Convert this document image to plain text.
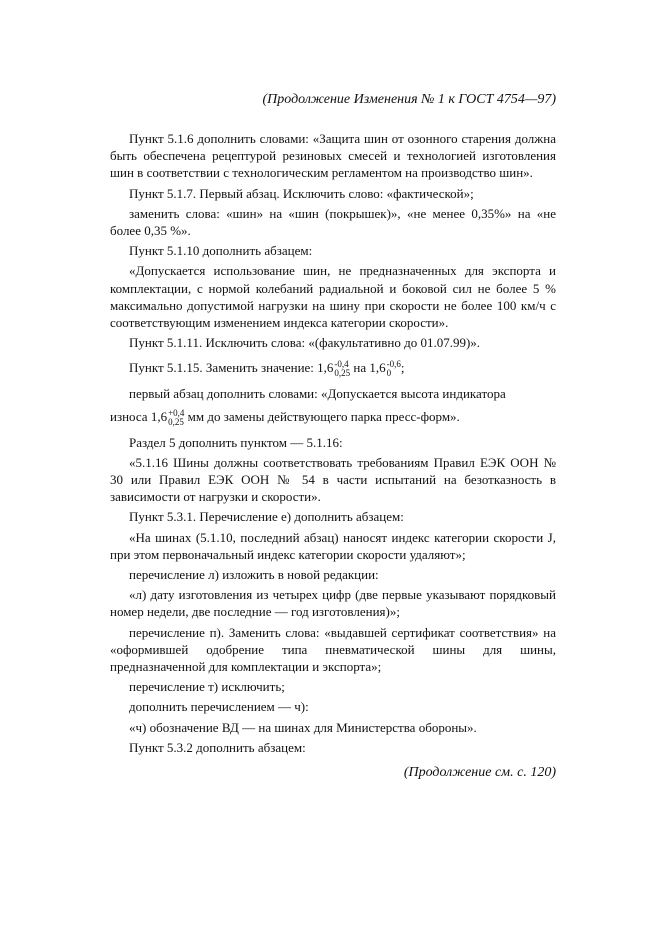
(Продолжение Изменения № 1 к ГОСТ 4754—97)

Пункт 5.1.6 дополнить словами: «Защита шин от озонного старения должна быть обеспечена рецептурой резиновых смесей и технологией изготовления шин в соответствии с технологическим регламентом на производство шин».

Пункт 5.1.7. Первый абзац. Исключить слово: «фактической»;

заменить слова: «шин» на «шин (покрышек)», «не менее 0,35%» на «не более 0,35 %».

Пункт 5.1.10 дополнить абзацем:

«Допускается использование шин, не предназначенных для экспорта и комплектации, с нормой колебаний радиальной и боковой сил не более 5 % максимально допустимой нагрузки на шину при скорости не более 100 км/ч с соответствующим изменением индекса категории скорости».

Пункт 5.1.11. Исключить слова: «(факультативно до 01.07.99)».

Пункт 5.1.15. Заменить значение: 1,6 -0,4
0,25 на 1,6 -0,6
0 ;

первый абзац дополнить словами: «Допускается высота индикатора

износа 1,6 +0,4
0,25 мм до замены действующего парка пресс-форм».

Раздел 5 дополнить пунктом — 5.1.16:

«5.1.16 Шины должны соответствовать требованиям Правил ЕЭК ООН № 30 или Правил ЕЭК ООН № 54 в части испытаний на безотказность в зависимости от нагрузки и скорости».

Пункт 5.3.1. Перечисление е) дополнить абзацем:

«На шинах (5.1.10, последний абзац) наносят индекс категории скорости J, при этом первоначальный индекс категории скорости удаляют»;

перечисление л) изложить в новой редакции:

«л) дату изготовления из четырех цифр (две первые указывают порядковый номер недели, две последние — год изготовления)»;

перечисление п). Заменить слова: «выдавшей сертификат соответствия» на «оформившей одобрение типа пневматической шины для шины, предназначенной для комплектации и экспорта»;

перечисление т) исключить;

дополнить перечислением — ч):

«ч) обозначение ВД — на шинах для Министерства обороны».

Пункт 5.3.2 дополнить абзацем:

(Продолжение см. с. 120)
